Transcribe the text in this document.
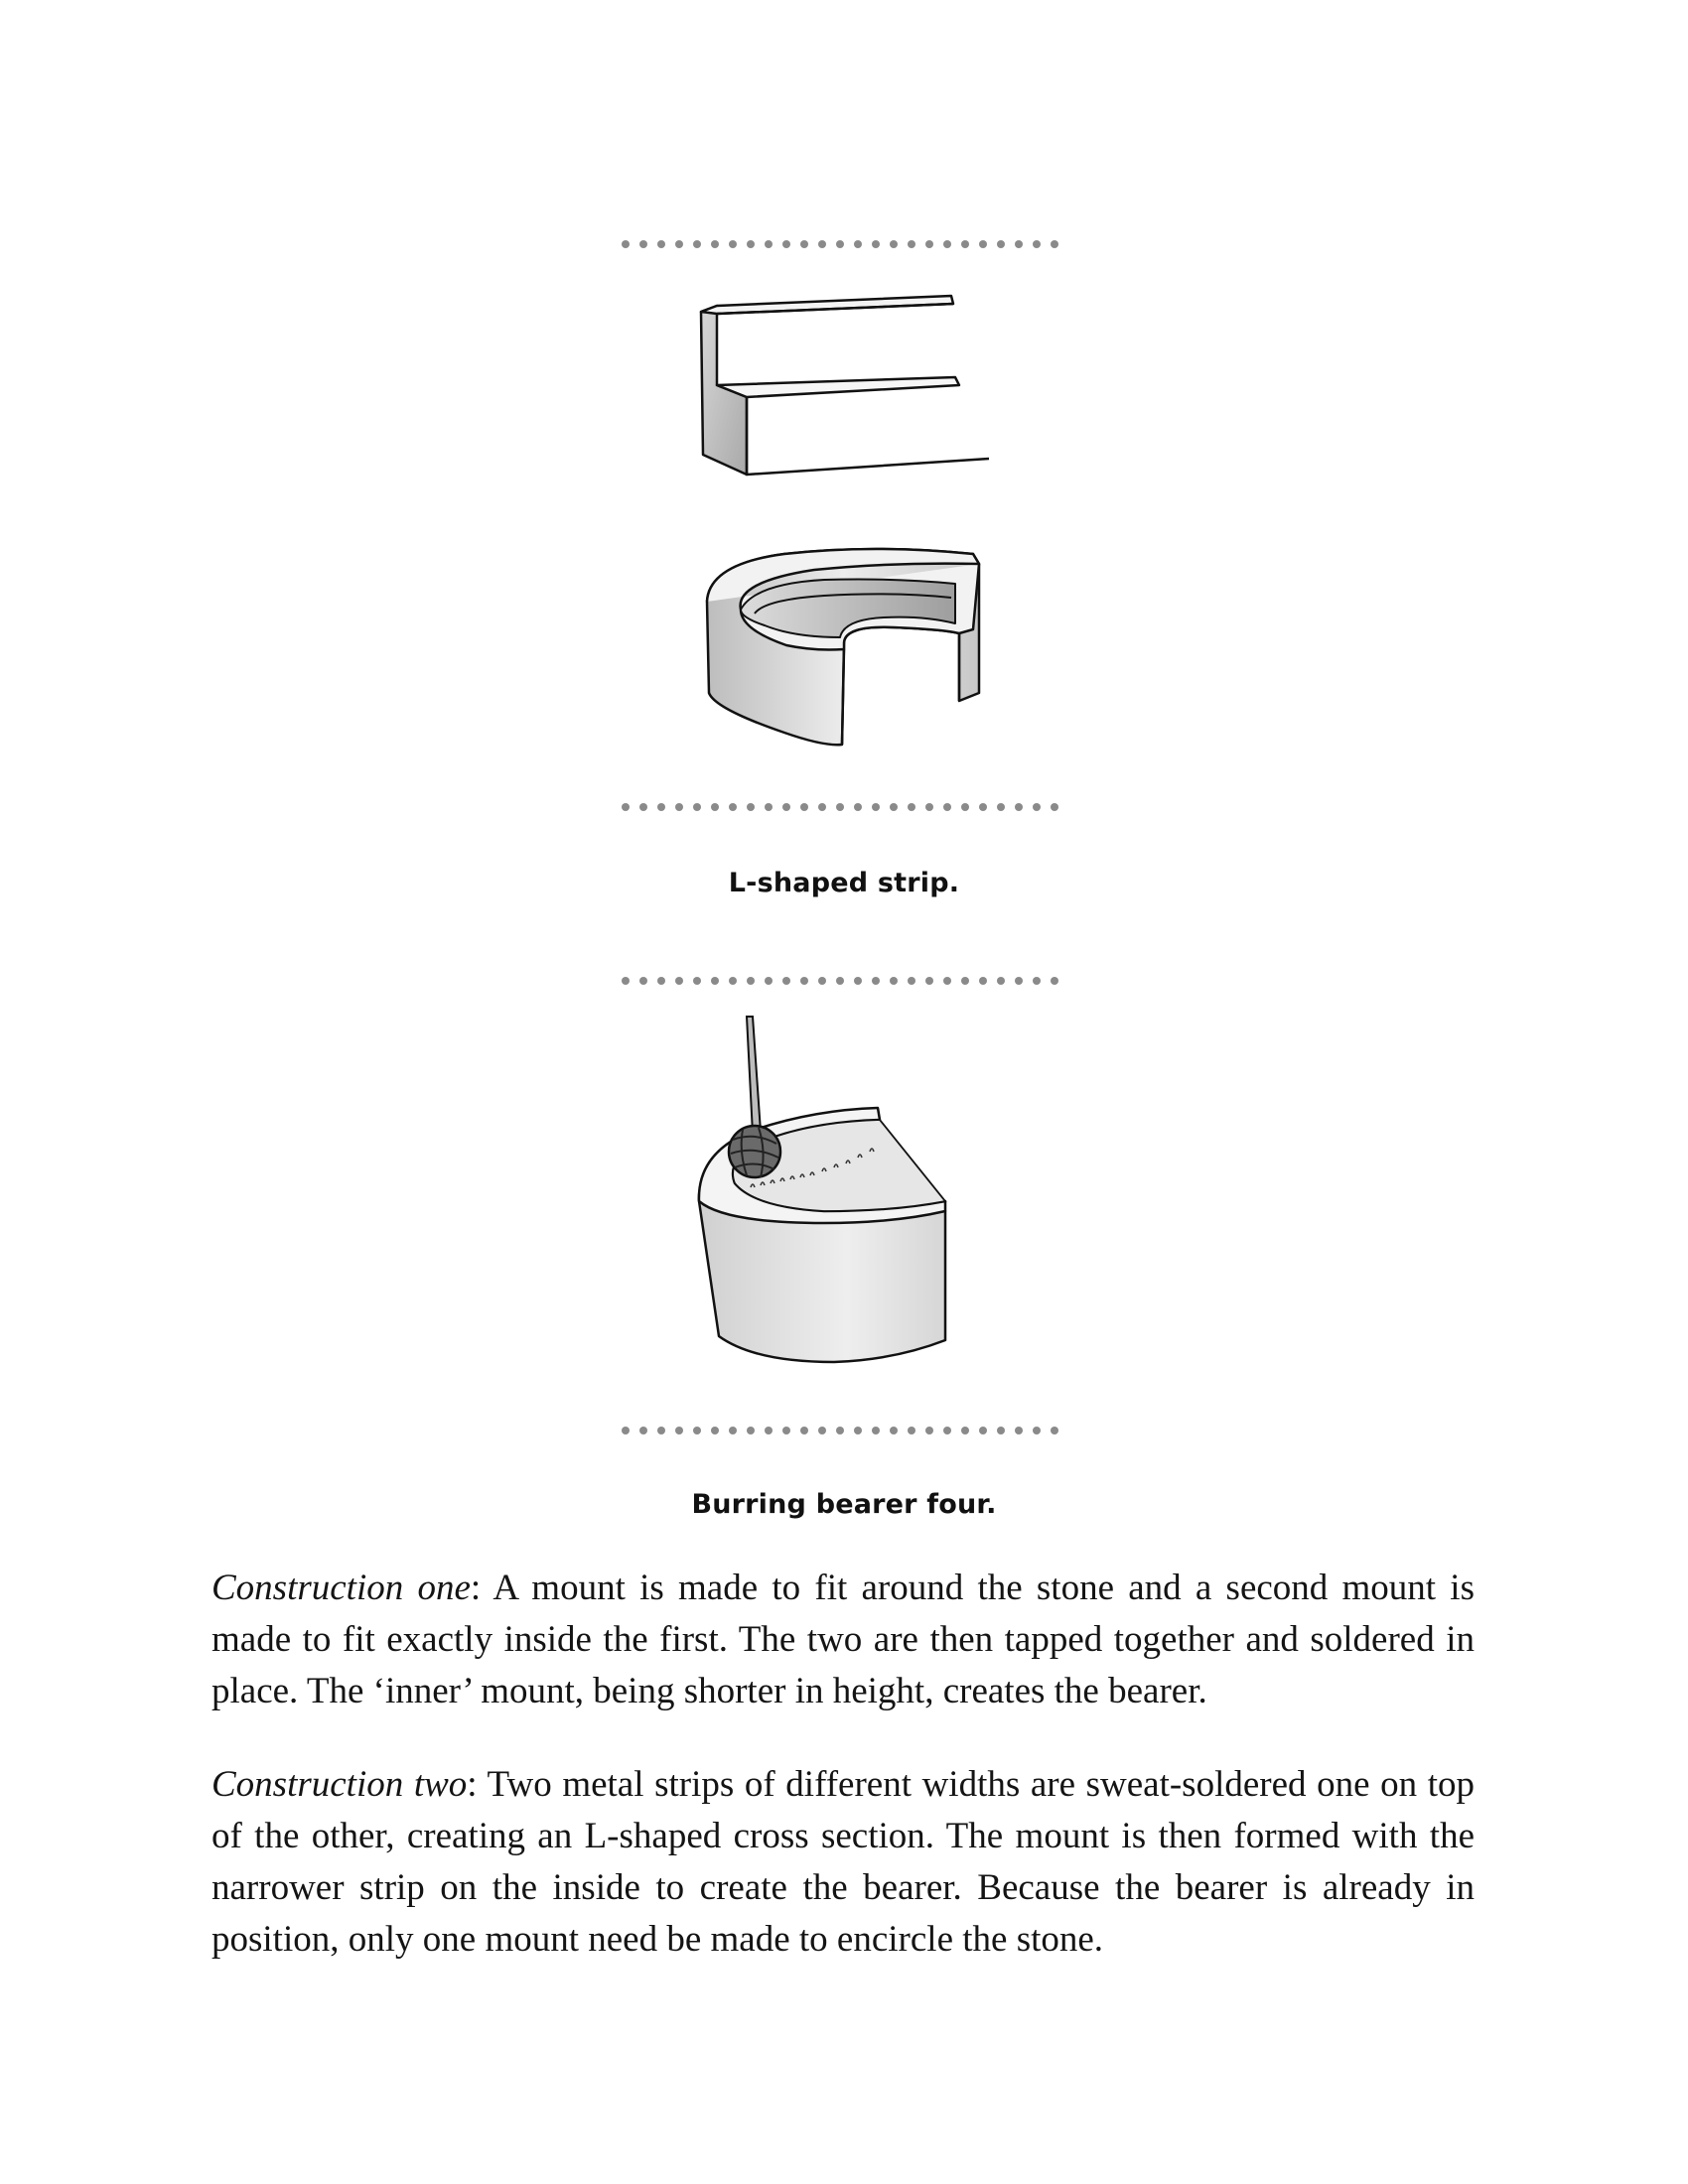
L-shaped strip.
Burring bearer four.

Construction one: A mount is made to fit around the stone and a second mount is made to fit exactly inside the first. The two are then tapped together and soldered in place. The ‘inner’ mount, being shorter in height, creates the bearer.

Construction two: Two metal strips of different widths are sweat-soldered one on top of the other, creating an L-shaped cross section. The mount is then formed with the narrower strip on the inside to create the bearer. Because the bearer is already in position, only one mount need be made to encircle the stone.
